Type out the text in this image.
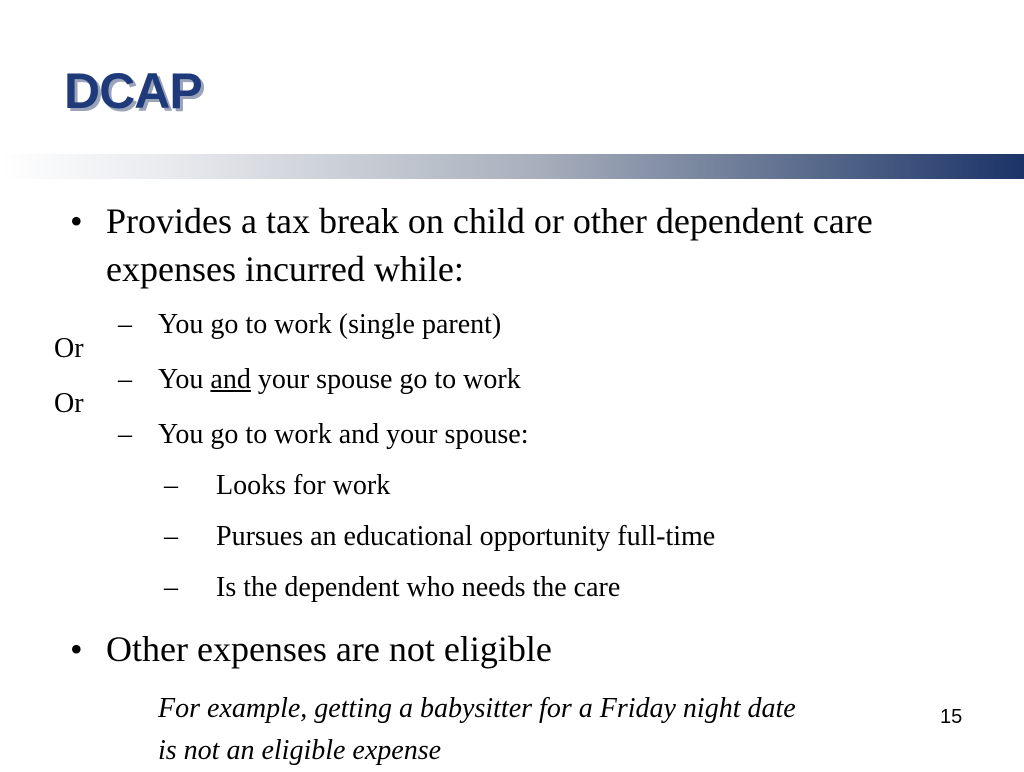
DCAP
• Provides a tax break on child or other dependent care
expenses incurred while:
– You go to work (single parent)
– You and your spouse go to work
– You go to work and your spouse:
– Looks for work
– Pursues an educational opportunity full-time
– Is the dependent who needs the care
Or
Or
• Other expenses are not eligible
For example, getting a babysitter for a Friday night date
is not an eligible expense
15
